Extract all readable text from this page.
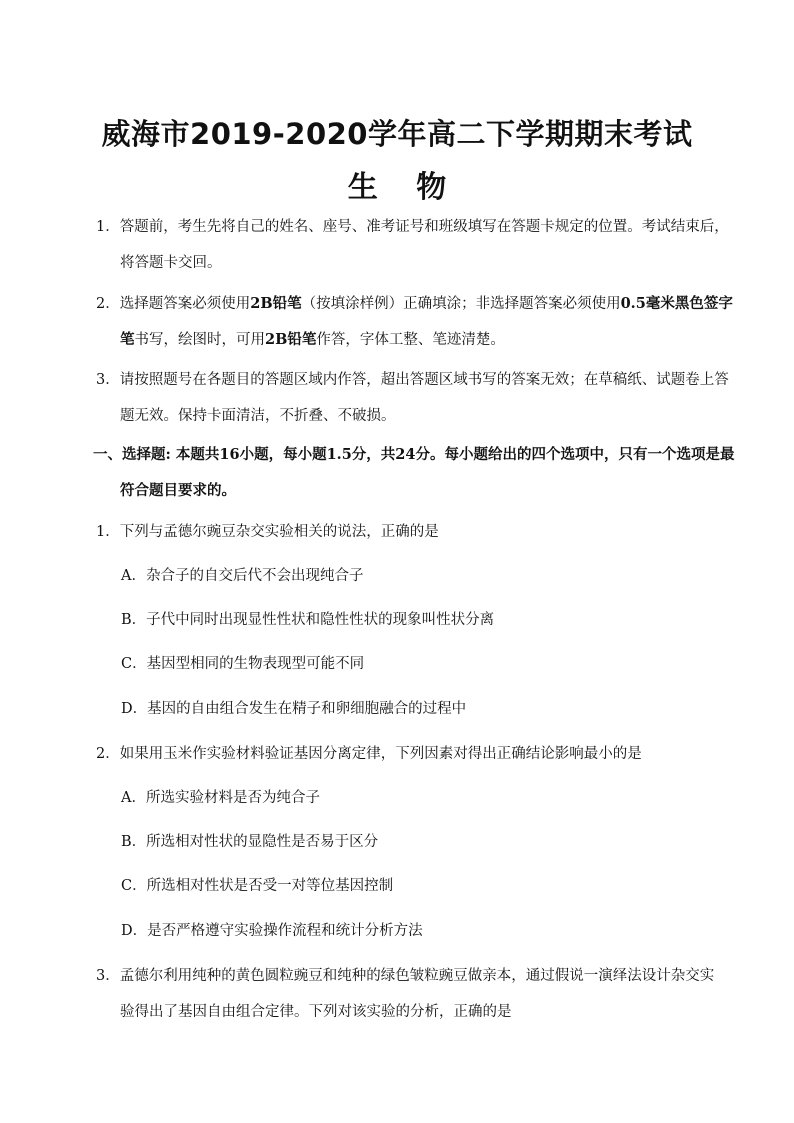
威海市2019-2020学年高二下学期期末考试
生 物
1．答题前，考生先将自己的姓名、座号、准考证号和班级填写在答题卡规定的位置。考试结束后，
将答题卡交回。
2．选择题答案必须使用2B铅笔（按填涂样例）正确填涂；非选择题答案必须使用0.5毫米黑色签字
笔书写，绘图时，可用2B铅笔作答，字体工整、笔迹清楚。
3．请按照题号在各题目的答题区域内作答，超出答题区域书写的答案无效；在草稿纸、试题卷上答
题无效。保持卡面清洁，不折叠、不破损。
一、选择题: 本题共16小题，每小题1.5分，共24分。每小题给出的四个选项中，只有一个选项是最
符合题目要求的。
1．下列与孟德尔豌豆杂交实验相关的说法，正确的是
A．杂合子的自交后代不会出现纯合子
B．子代中同时出现显性性状和隐性性状的现象叫性状分离
C．基因型相同的生物表现型可能不同
D．基因的自由组合发生在精子和卵细胞融合的过程中
2．如果用玉米作实验材料验证基因分离定律，下列因素对得出正确结论影响最小的是
A．所选实验材料是否为纯合子
B．所选相对性状的显隐性是否易于区分
C．所选相对性状是否受一对等位基因控制
D．是否严格遵守实验操作流程和统计分析方法
3．孟德尔利用纯种的黄色圆粒豌豆和纯种的绿色皱粒豌豆做亲本，通过假说一演绎法设计杂交实
验得出了基因自由组合定律。下列对该实验的分析，正确的是
